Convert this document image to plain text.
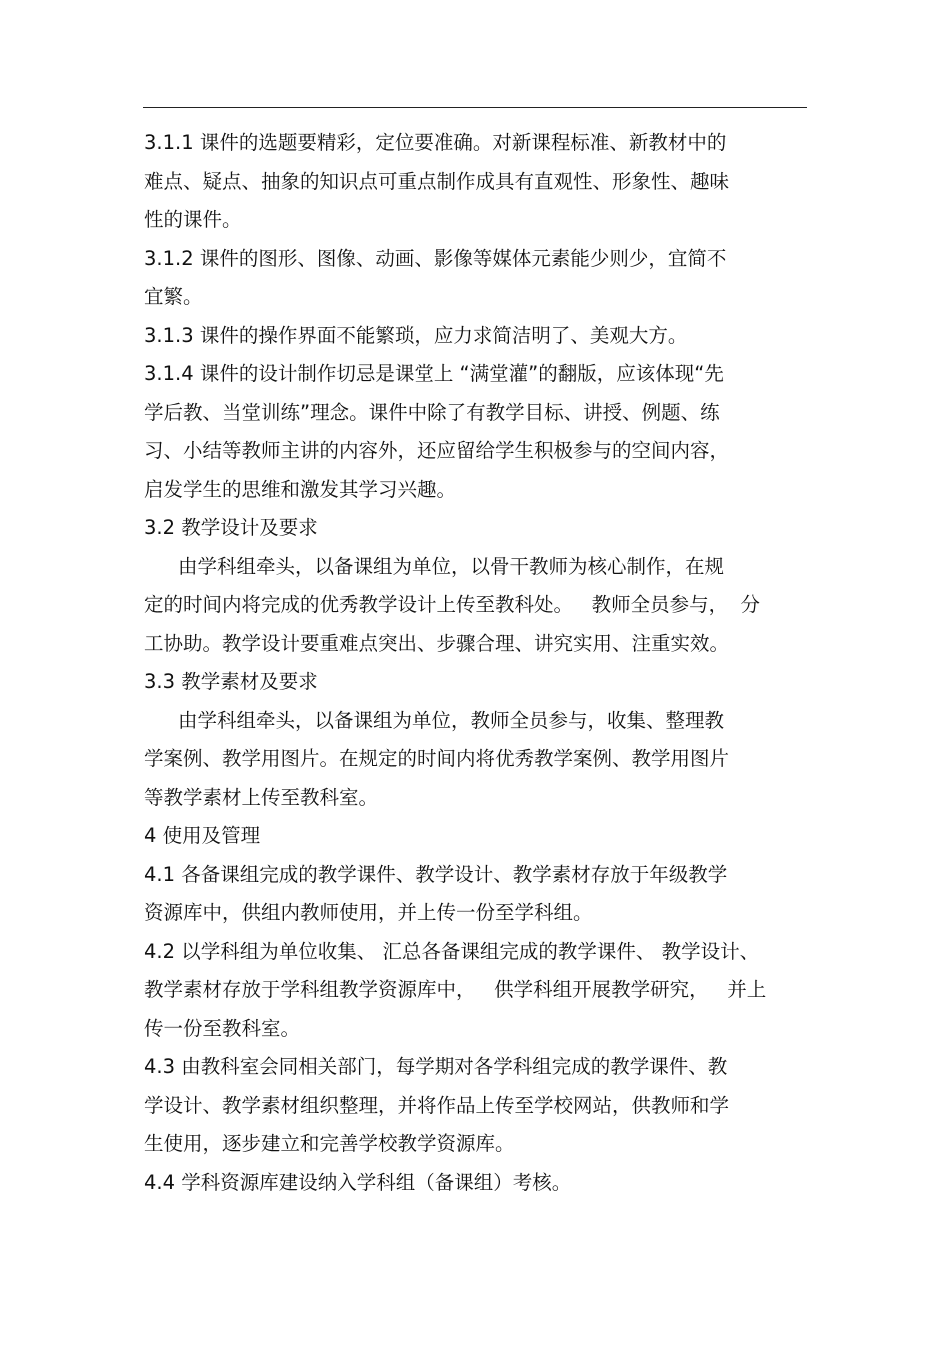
3.1.1 课件的选题要精彩，定位要准确。对新课程标准、新教材中的
难点、疑点、抽象的知识点可重点制作成具有直观性、形象性、趣味
性的课件。
3.1.2 课件的图形、图像、动画、影像等媒体元素能少则少，宜简不
宜繁。
3.1.3 课件的操作界面不能繁琐，应力求简洁明了、美观大方。
3.1.4 课件的设计制作切忌是课堂上 “满堂灌”的翻版，应该体现“先
学后教、当堂训练”理念。课件中除了有教学目标、讲授、例题、练
习、小结等教师主讲的内容外，还应留给学生积极参与的空间内容，
启发学生的思维和激发其学习兴趣。
3.2 教学设计及要求
由学科组牵头，以备课组为单位，以骨干教师为核心制作，在规
定的时间内将完成的优秀教学设计上传至教科处。   教师全员参与，  分
工协助。教学设计要重难点突出、步骤合理、讲究实用、注重实效。
3.3 教学素材及要求
由学科组牵头，以备课组为单位，教师全员参与，收集、整理教
学案例、教学用图片。在规定的时间内将优秀教学案例、教学用图片
等教学素材上传至教科室。
4 使用及管理
4.1 各备课组完成的教学课件、教学设计、教学素材存放于年级教学
资源库中，供组内教师使用，并上传一份至学科组。
4.2 以学科组为单位收集、 汇总各备课组完成的教学课件、 教学设计、
教学素材存放于学科组教学资源库中，   供学科组开展教学研究，   并上
传一份至教科室。
4.3 由教科室会同相关部门，每学期对各学科组完成的教学课件、教
学设计、教学素材组织整理，并将作品上传至学校网站，供教师和学
生使用，逐步建立和完善学校教学资源库。
4.4 学科资源库建设纳入学科组（备课组）考核。
